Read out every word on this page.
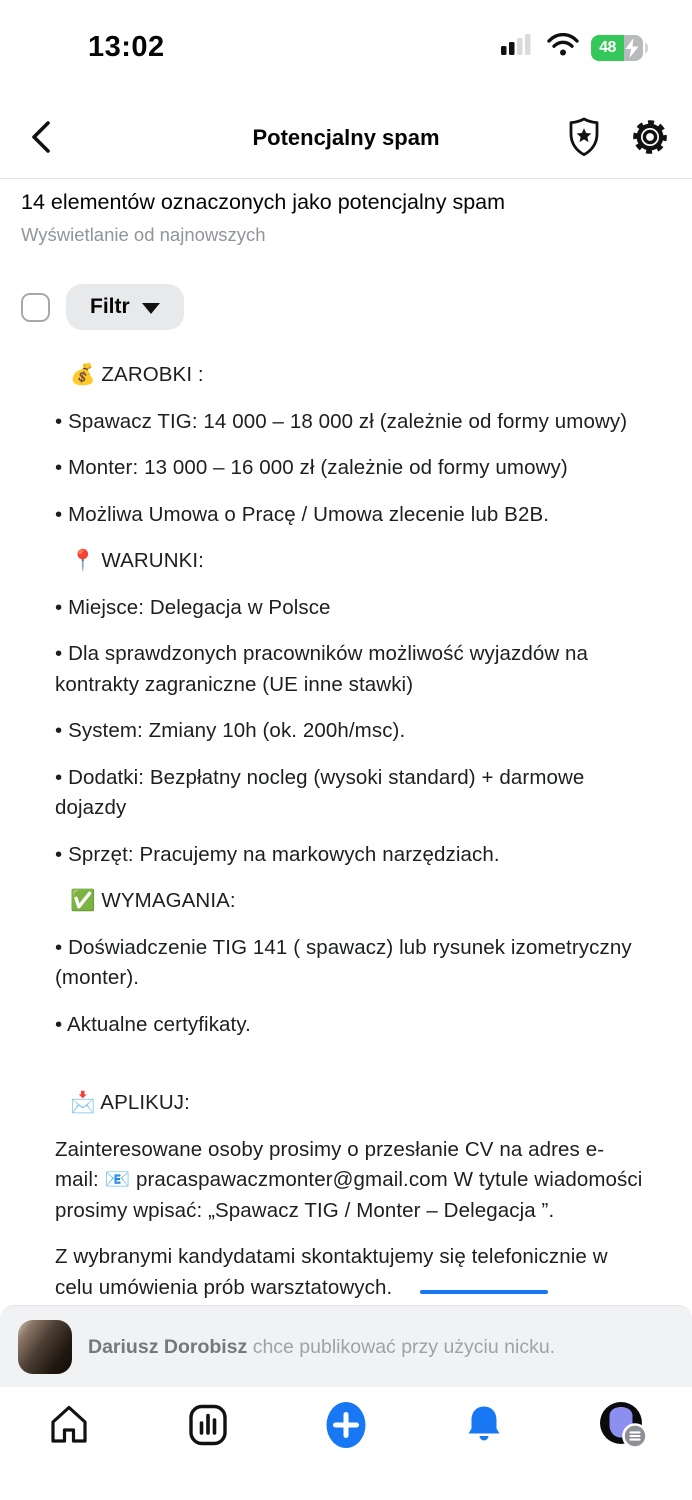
13:02	48
Potencjalny spam
14 elementów oznaczonych jako potencjalny spam
Wyświetlanie od najnowszych
Filtr

💰 ZAROBKI :

• Spawacz TIG: 14 000 – 18 000 zł (zależnie od formy umowy)

• Monter: 13 000 – 16 000 zł (zależnie od formy umowy)

• Możliwa Umowa o Pracę / Umowa zlecenie lub B2B.

📍 WARUNKI:

• Miejsce: Delegacja w Polsce

• Dla sprawdzonych pracowników możliwość wyjazdów na kontrakty zagraniczne (UE inne stawki)

• System: Zmiany 10h (ok. 200h/msc).

• Dodatki: Bezpłatny nocleg (wysoki standard) + darmowe dojazdy

• Sprzęt: Pracujemy na markowych narzędziach.

✅ WYMAGANIA:

• Doświadczenie TIG 141 ( spawacz) lub rysunek izometryczny (monter).

• Aktualne certyfikaty.

📩 APLIKUJ:

Zainteresowane osoby prosimy o przesłanie CV na adres e-mail: 📧 pracaspawaczmonter@gmail.com W tytule wiadomości prosimy wpisać: „Spawacz TIG / Monter – Delegacja ”.

Z wybranymi kandydatami skontaktujemy się telefonicznie w celu umówienia prób warsztatowych.

Dariusz Dorobisz chce publikować przy użyciu nicku.
